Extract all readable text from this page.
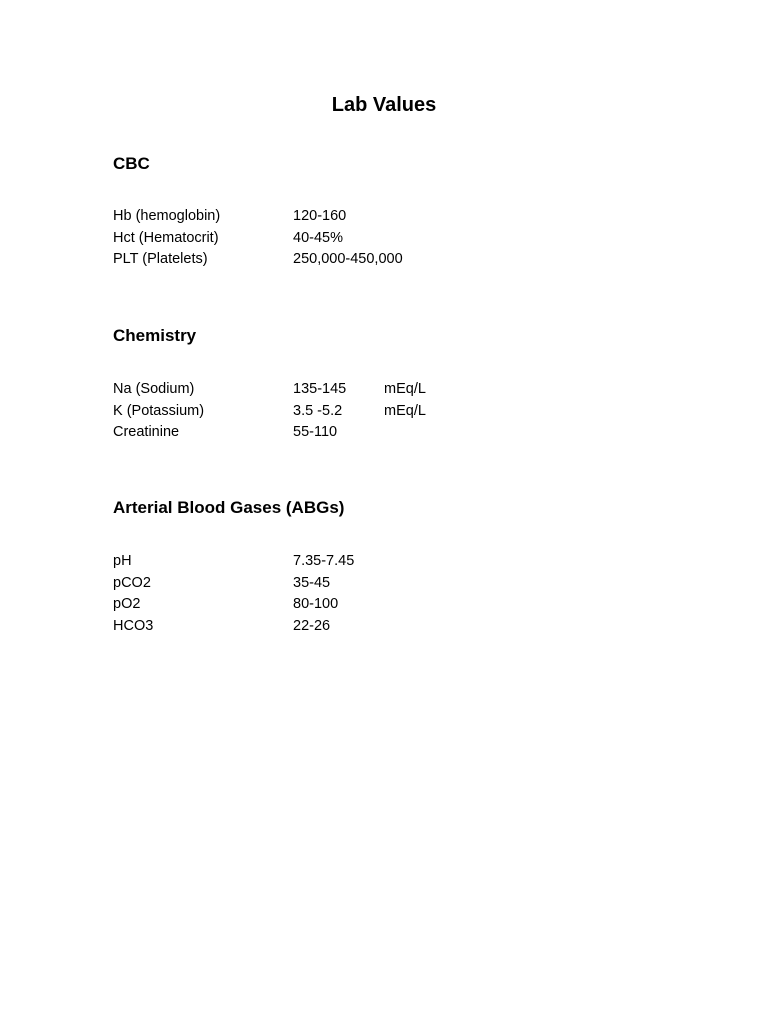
Lab Values
CBC
Hb (hemoglobin)	120-160
Hct (Hematocrit)	40-45%
PLT (Platelets)	250,000-450,000
Chemistry
Na (Sodium)	135-145	mEq/L
K (Potassium)	3.5 -5.2	mEq/L
Creatinine	55-110
Arterial Blood Gases (ABGs)
pH	7.35-7.45
pCO2	35-45
pO2	80-100
HCO3	22-26
